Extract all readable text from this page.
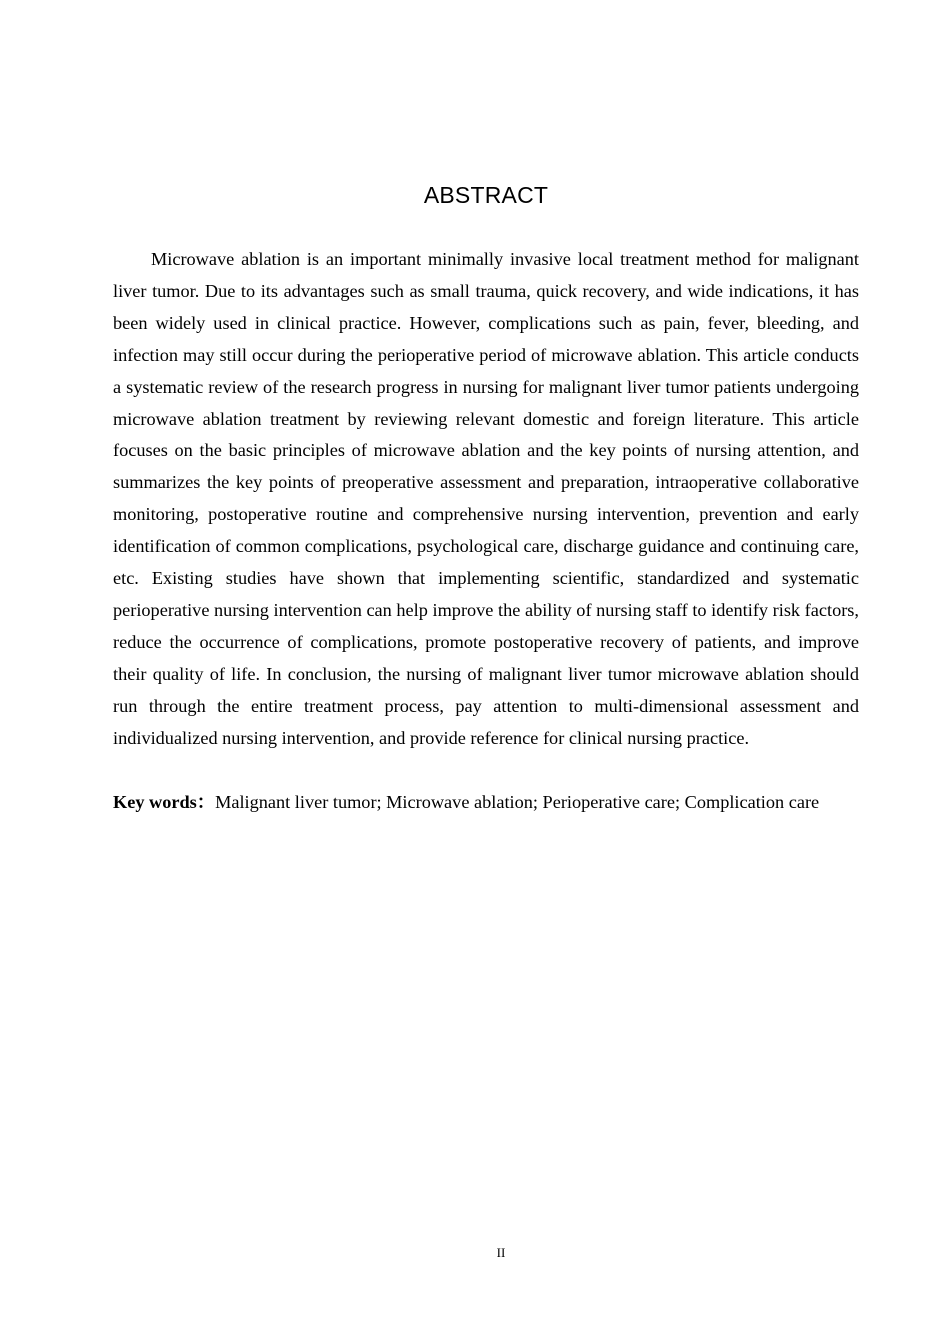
ABSTRACT

Microwave ablation is an important minimally invasive local treatment method for malignant liver tumor. Due to its advantages such as small trauma, quick recovery, and wide indications, it has been widely used in clinical practice. However, complications such as pain, fever, bleeding, and infection may still occur during the perioperative period of microwave ablation. This article conducts a systematic review of the research progress in nursing for malignant liver tumor patients undergoing microwave ablation treatment by reviewing relevant domestic and foreign literature. This article focuses on the basic principles of microwave ablation and the key points of nursing attention, and summarizes the key points of preoperative assessment and preparation, intraoperative collaborative monitoring, postoperative routine and comprehensive nursing intervention, prevention and early identification of common complications, psychological care, discharge guidance and continuing care, etc. Existing studies have shown that implementing scientific, standardized and systematic perioperative nursing intervention can help improve the ability of nursing staff to identify risk factors, reduce the occurrence of complications, promote postoperative recovery of patients, and improve their quality of life. In conclusion, the nursing of malignant liver tumor microwave ablation should run through the entire treatment process, pay attention to multi-dimensional assessment and individualized nursing intervention, and provide reference for clinical nursing practice.

Key words：Malignant liver tumor; Microwave ablation; Perioperative care; Complication care

II
